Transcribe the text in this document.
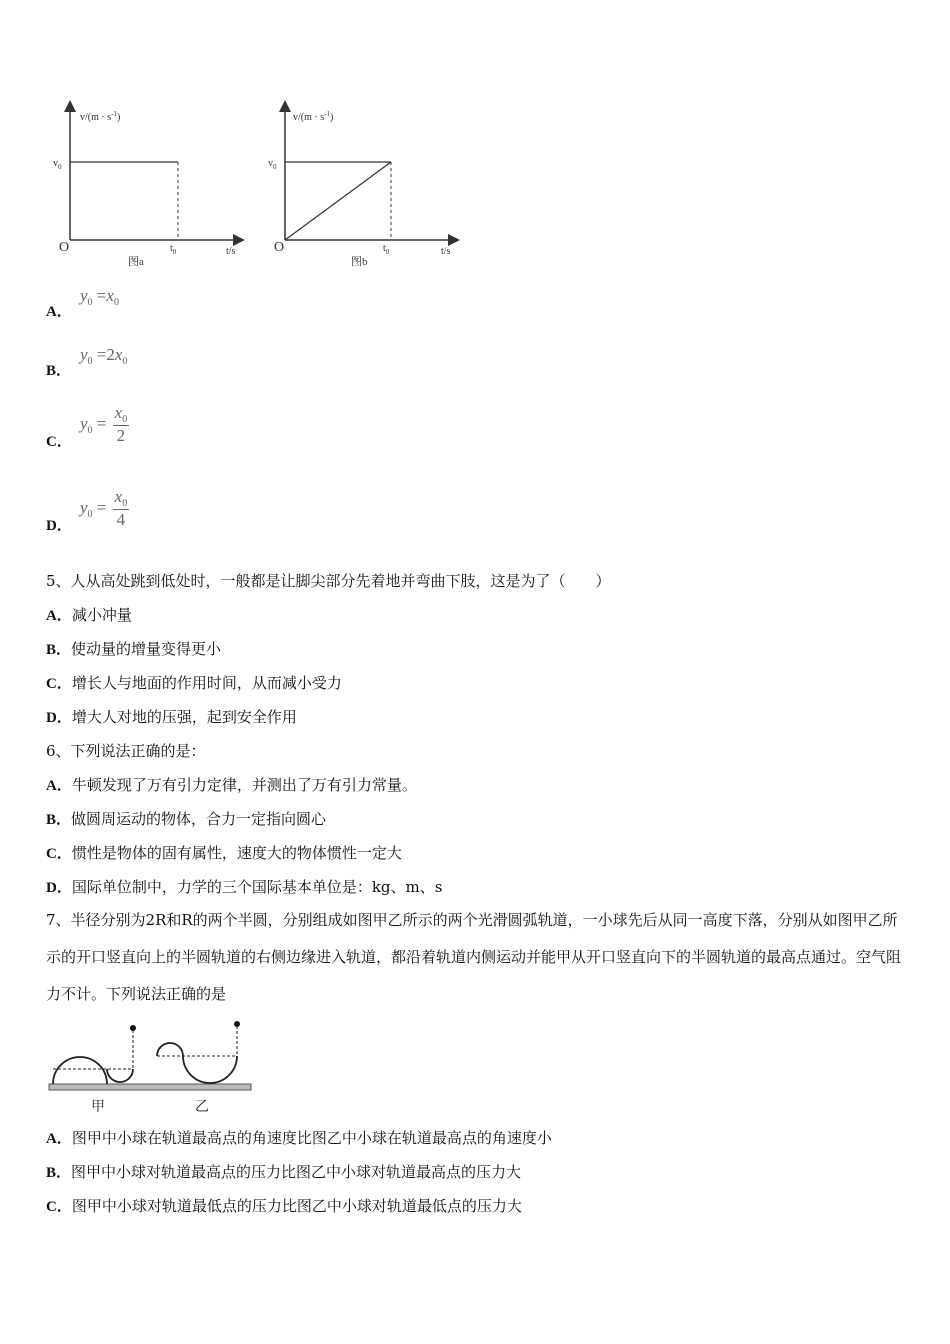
$v/(m \cdot s^{-1})$
$v_0$
O	$t_0$	t/s
图a
$v/(m \cdot s^{-1})$
$v_0$
O	$t_0$	t/s
图b
A．
$y_0 =x_0$
B．
$y_0 =2x_0$
C．
$y_0 = \frac{x_0}{2}$
D．
$y_0 = \frac{x_0}{4}$
5、人从高处跳到低处时，一般都是让脚尖部分先着地并弯曲下肢，这是为了（　　）
A．减小冲量
B．使动量的增量变得更小
C．增长人与地面的作用时间，从而减小受力
D．增大人对地的压强，起到安全作用
6、下列说法正确的是：
A．牛顿发现了万有引力定律，并测出了万有引力常量。
B．做圆周运动的物体，合力一定指向圆心
C．惯性是物体的固有属性，速度大的物体惯性一定大
D．国际单位制中，力学的三个国际基本单位是：kg、m、s
7、半径分别为2R和R的两个半圆，分别组成如图甲乙所示的两个光滑圆弧轨道，一小球先后从同一高度下落，分别从如图甲乙所示的开口竖直向上的半圆轨道的右侧边缘进入轨道，都沿着轨道内侧运动并能甲从开口竖直向下的半圆轨道的最高点通过。空气阻力不计。下列说法正确的是
甲	乙
A．图甲中小球在轨道最高点的角速度比图乙中小球在轨道最高点的角速度小
B．图甲中小球对轨道最高点的压力比图乙中小球对轨道最高点的压力大
C．图甲中小球对轨道最低点的压力比图乙中小球对轨道最低点的压力大
